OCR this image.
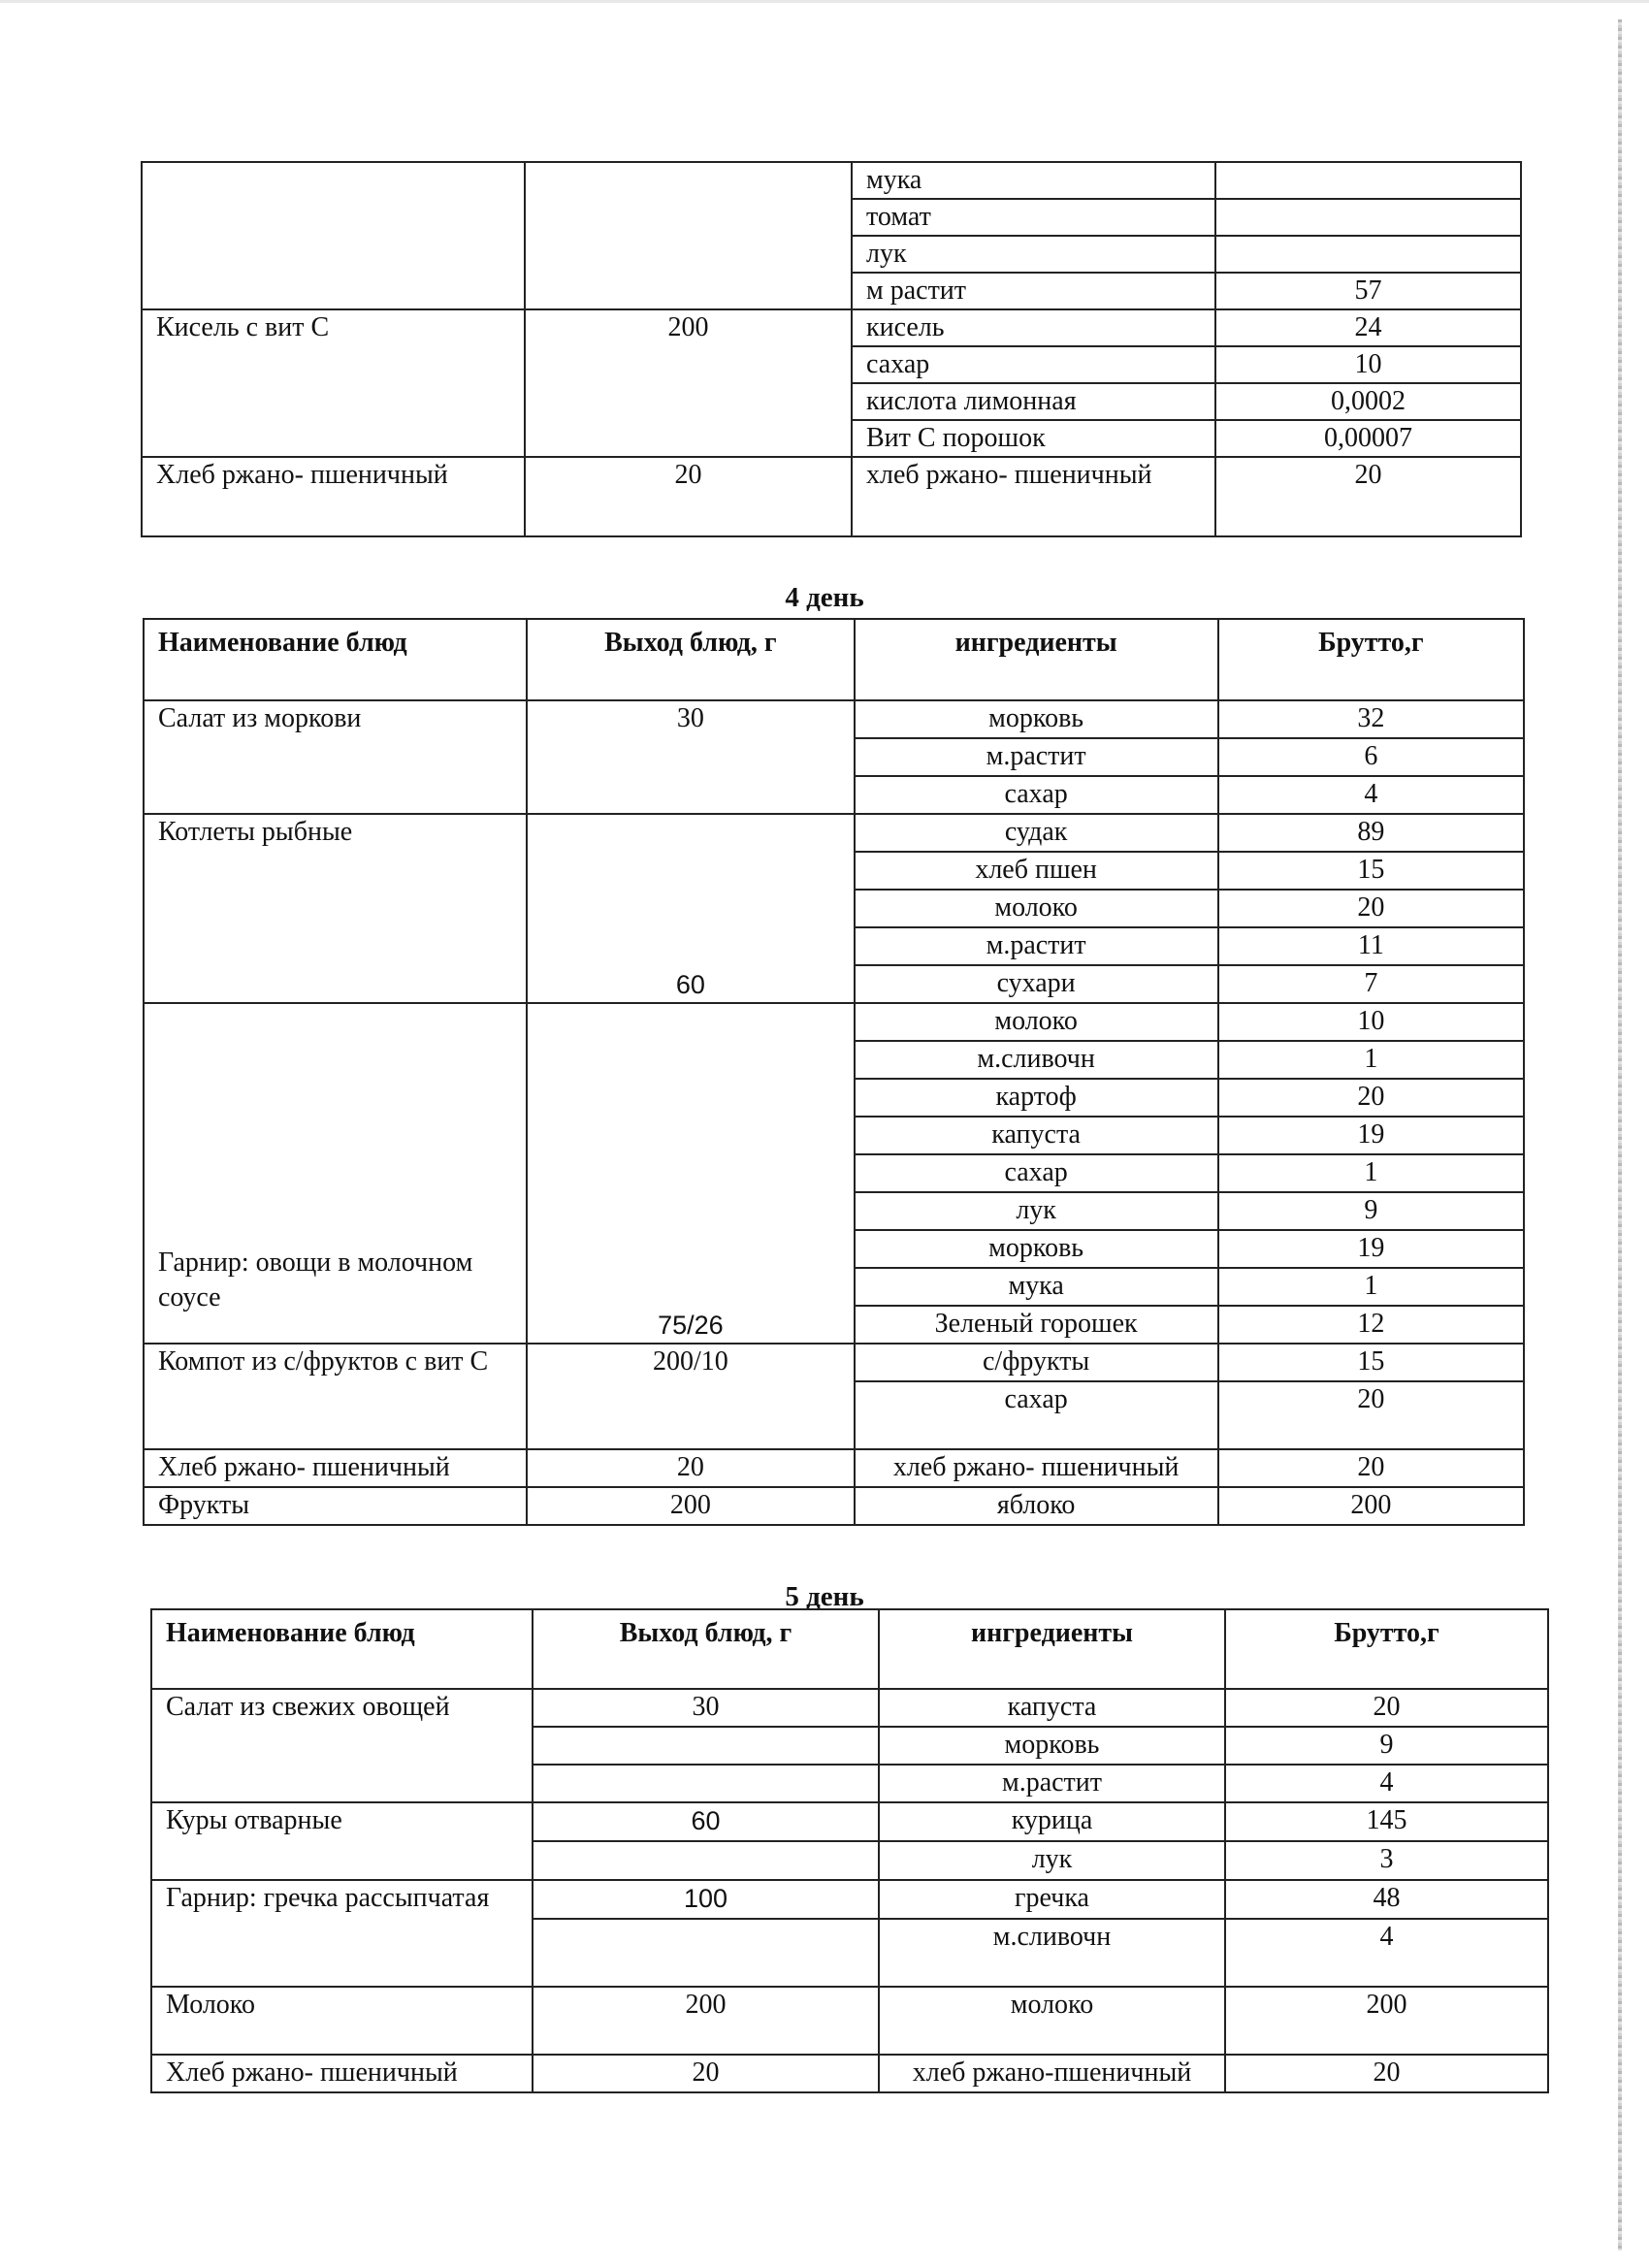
		мука	
		томат	
		лук	
		м растит	57
Кисель с вит С	200	кисель	24
		сахар	10
		кислота лимонная	0,0002
		Вит С порошок	0,00007
Хлеб ржано- пшеничный	20	хлеб ржано- пшеничный	20
4 день
Наименование блюд	Выход блюд, г	ингредиенты	Брутто,г
Салат из моркови	30	морковь	32
		м.растит	6
		сахар	4
Котлеты рыбные	60	судак	89
		хлеб пшен	15
		молоко	20
		м.растит	11
		сухари	7
Гарнир: овощи в молочном соусе	75/26	молоко	10
		м.сливочн	1
		картоф	20
		капуста	19
		сахар	1
		лук	9
		морковь	19
		мука	1
		Зеленый горошек	12
Компот из с/фруктов с вит С	200/10	с/фрукты	15
		сахар	20
Хлеб ржано- пшеничный	20	хлеб ржано- пшеничный	20
Фрукты	200	яблоко	200
5 день
Наименование блюд	Выход блюд, г	ингредиенты	Брутто,г
Салат из свежих овощей	30	капуста	20
		морковь	9
		м.растит	4
Куры отварные	60	курица	145
		лук	3
Гарнир: гречка рассыпчатая	100	гречка	48
		м.сливочн	4
Молоко	200	молоко	200
Хлеб ржано- пшеничный	20	хлеб ржано-пшеничный	20
